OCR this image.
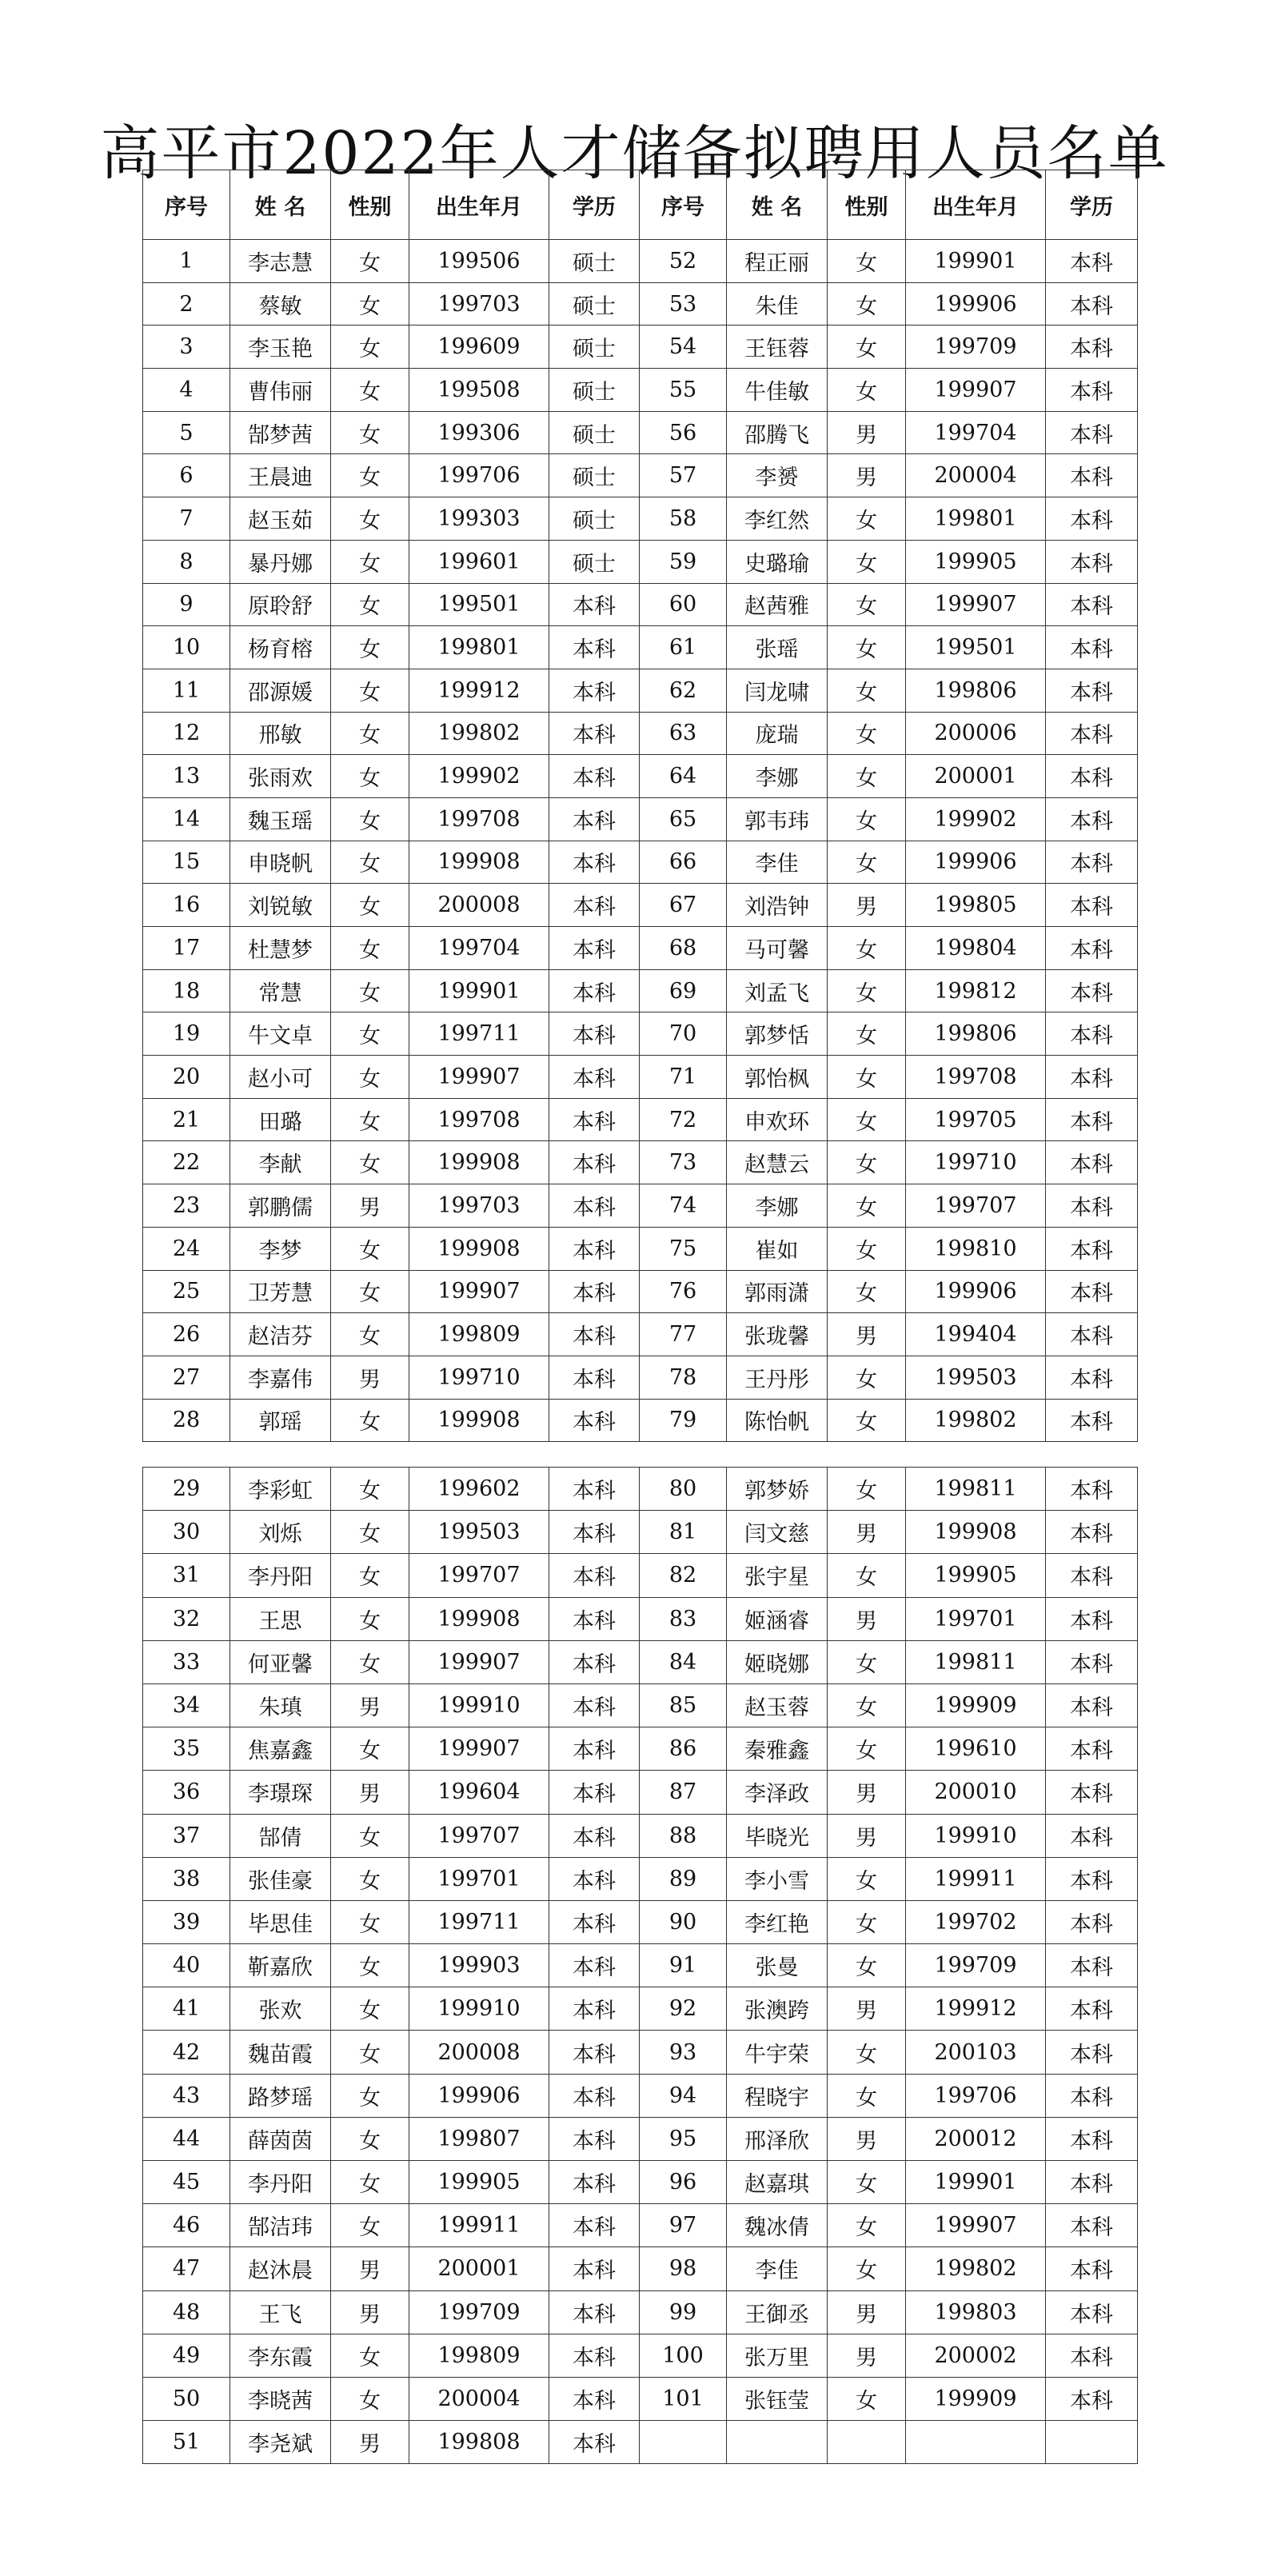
高平市2022年人才储备拟聘用人员名单
序号	姓 名	性别	出生年月	学历	序号	姓 名	性别	出生年月	学历
1	李志慧	女	199506	硕士	52	程正丽	女	199901	本科
2	蔡敏	女	199703	硕士	53	朱佳	女	199906	本科
3	李玉艳	女	199609	硕士	54	王钰蓉	女	199709	本科
4	曹伟丽	女	199508	硕士	55	牛佳敏	女	199907	本科
5	郜梦茜	女	199306	硕士	56	邵腾飞	男	199704	本科
6	王晨迪	女	199706	硕士	57	李赟	男	200004	本科
7	赵玉茹	女	199303	硕士	58	李红然	女	199801	本科
8	暴丹娜	女	199601	硕士	59	史璐瑜	女	199905	本科
9	原聆舒	女	199501	本科	60	赵茜雅	女	199907	本科
10	杨育榕	女	199801	本科	61	张瑶	女	199501	本科
11	邵源媛	女	199912	本科	62	闫龙啸	女	199806	本科
12	邢敏	女	199802	本科	63	庞瑞	女	200006	本科
13	张雨欢	女	199902	本科	64	李娜	女	200001	本科
14	魏玉瑶	女	199708	本科	65	郭韦玮	女	199902	本科
15	申晓帆	女	199908	本科	66	李佳	女	199906	本科
16	刘锐敏	女	200008	本科	67	刘浩钟	男	199805	本科
17	杜慧梦	女	199704	本科	68	马可馨	女	199804	本科
18	常慧	女	199901	本科	69	刘孟飞	女	199812	本科
19	牛文卓	女	199711	本科	70	郭梦恬	女	199806	本科
20	赵小可	女	199907	本科	71	郭怡枫	女	199708	本科
21	田璐	女	199708	本科	72	申欢环	女	199705	本科
22	李献	女	199908	本科	73	赵慧云	女	199710	本科
23	郭鹏儒	男	199703	本科	74	李娜	女	199707	本科
24	李梦	女	199908	本科	75	崔如	女	199810	本科
25	卫芳慧	女	199907	本科	76	郭雨潇	女	199906	本科
26	赵洁芬	女	199809	本科	77	张珑馨	男	199404	本科
27	李嘉伟	男	199710	本科	78	王丹彤	女	199503	本科
28	郭瑶	女	199908	本科	79	陈怡帆	女	199802	本科
29	李彩虹	女	199602	本科	80	郭梦娇	女	199811	本科
30	刘烁	女	199503	本科	81	闫文慈	男	199908	本科
31	李丹阳	女	199707	本科	82	张宇星	女	199905	本科
32	王思	女	199908	本科	83	姬涵睿	男	199701	本科
33	何亚馨	女	199907	本科	84	姬晓娜	女	199811	本科
34	朱瑱	男	199910	本科	85	赵玉蓉	女	199909	本科
35	焦嘉鑫	女	199907	本科	86	秦雅鑫	女	199610	本科
36	李璟琛	男	199604	本科	87	李泽政	男	200010	本科
37	郜倩	女	199707	本科	88	毕晓光	男	199910	本科
38	张佳豪	女	199701	本科	89	李小雪	女	199911	本科
39	毕思佳	女	199711	本科	90	李红艳	女	199702	本科
40	靳嘉欣	女	199903	本科	91	张曼	女	199709	本科
41	张欢	女	199910	本科	92	张澳跨	男	199912	本科
42	魏苗霞	女	200008	本科	93	牛宇荣	女	200103	本科
43	路梦瑶	女	199906	本科	94	程晓宇	女	199706	本科
44	薛茵茵	女	199807	本科	95	邢泽欣	男	200012	本科
45	李丹阳	女	199905	本科	96	赵嘉琪	女	199901	本科
46	郜洁玮	女	199911	本科	97	魏冰倩	女	199907	本科
47	赵沐晨	男	200001	本科	98	李佳	女	199802	本科
48	王飞	男	199709	本科	99	王御丞	男	199803	本科
49	李东霞	女	199809	本科	100	张万里	男	200002	本科
50	李晓茜	女	200004	本科	101	张钰莹	女	199909	本科
51	李尧斌	男	199808	本科					
